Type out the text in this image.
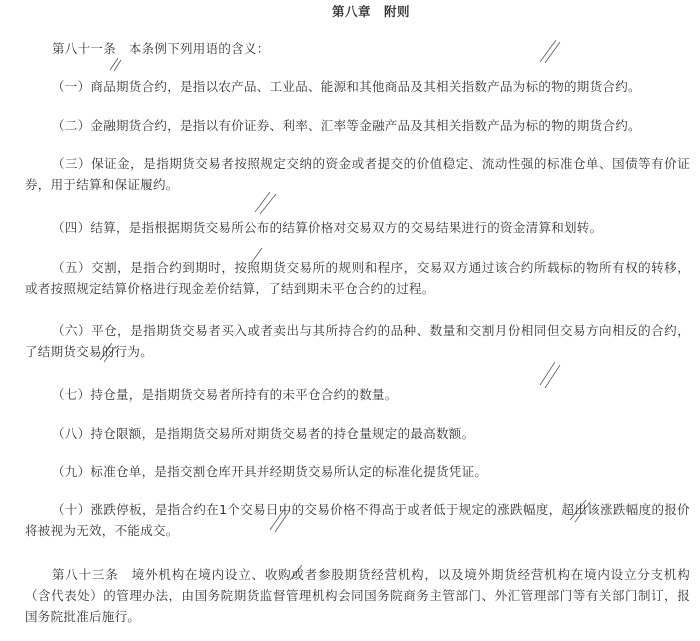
第八章　附则
第八十一条　本条例下列用语的含义：
（一）商品期货合约，是指以农产品、工业品、能源和其他商品及其相关指数产品为标的物的期货合约。
（二）金融期货合约，是指以有价证券、利率、汇率等金融产品及其相关指数产品为标的物的期货合约。
（三）保证金，是指期货交易者按照规定交纳的资金或者提交的价值稳定、流动性强的标准仓单、国债等有价证券，用于结算和保证履约。
（四）结算，是指根据期货交易所公布的结算价格对交易双方的交易结果进行的资金清算和划转。
（五）交割，是指合约到期时，按照期货交易所的规则和程序，交易双方通过该合约所载标的物所有权的转移，或者按照规定结算价格进行现金差价结算，了结到期未平仓合约的过程。
（六）平仓，是指期货交易者买入或者卖出与其所持合约的品种、数量和交割月份相同但交易方向相反的合约，了结期货交易的行为。
（七）持仓量，是指期货交易者所持有的未平仓合约的数量。
（八）持仓限额，是指期货交易所对期货交易者的持仓量规定的最高数额。
（九）标准仓单，是指交割仓库开具并经期货交易所认定的标准化提货凭证。
（十）涨跌停板，是指合约在1个交易日中的交易价格不得高于或者低于规定的涨跌幅度，超出该涨跌幅度的报价将被视为无效，不能成交。
第八十三条　境外机构在境内设立、收购或者参股期货经营机构，以及境外期货经营机构在境内设立分支机构（含代表处）的管理办法，由国务院期货监督管理机构会同国务院商务主管部门、外汇管理部门等有关部门制订，报国务院批准后施行。
